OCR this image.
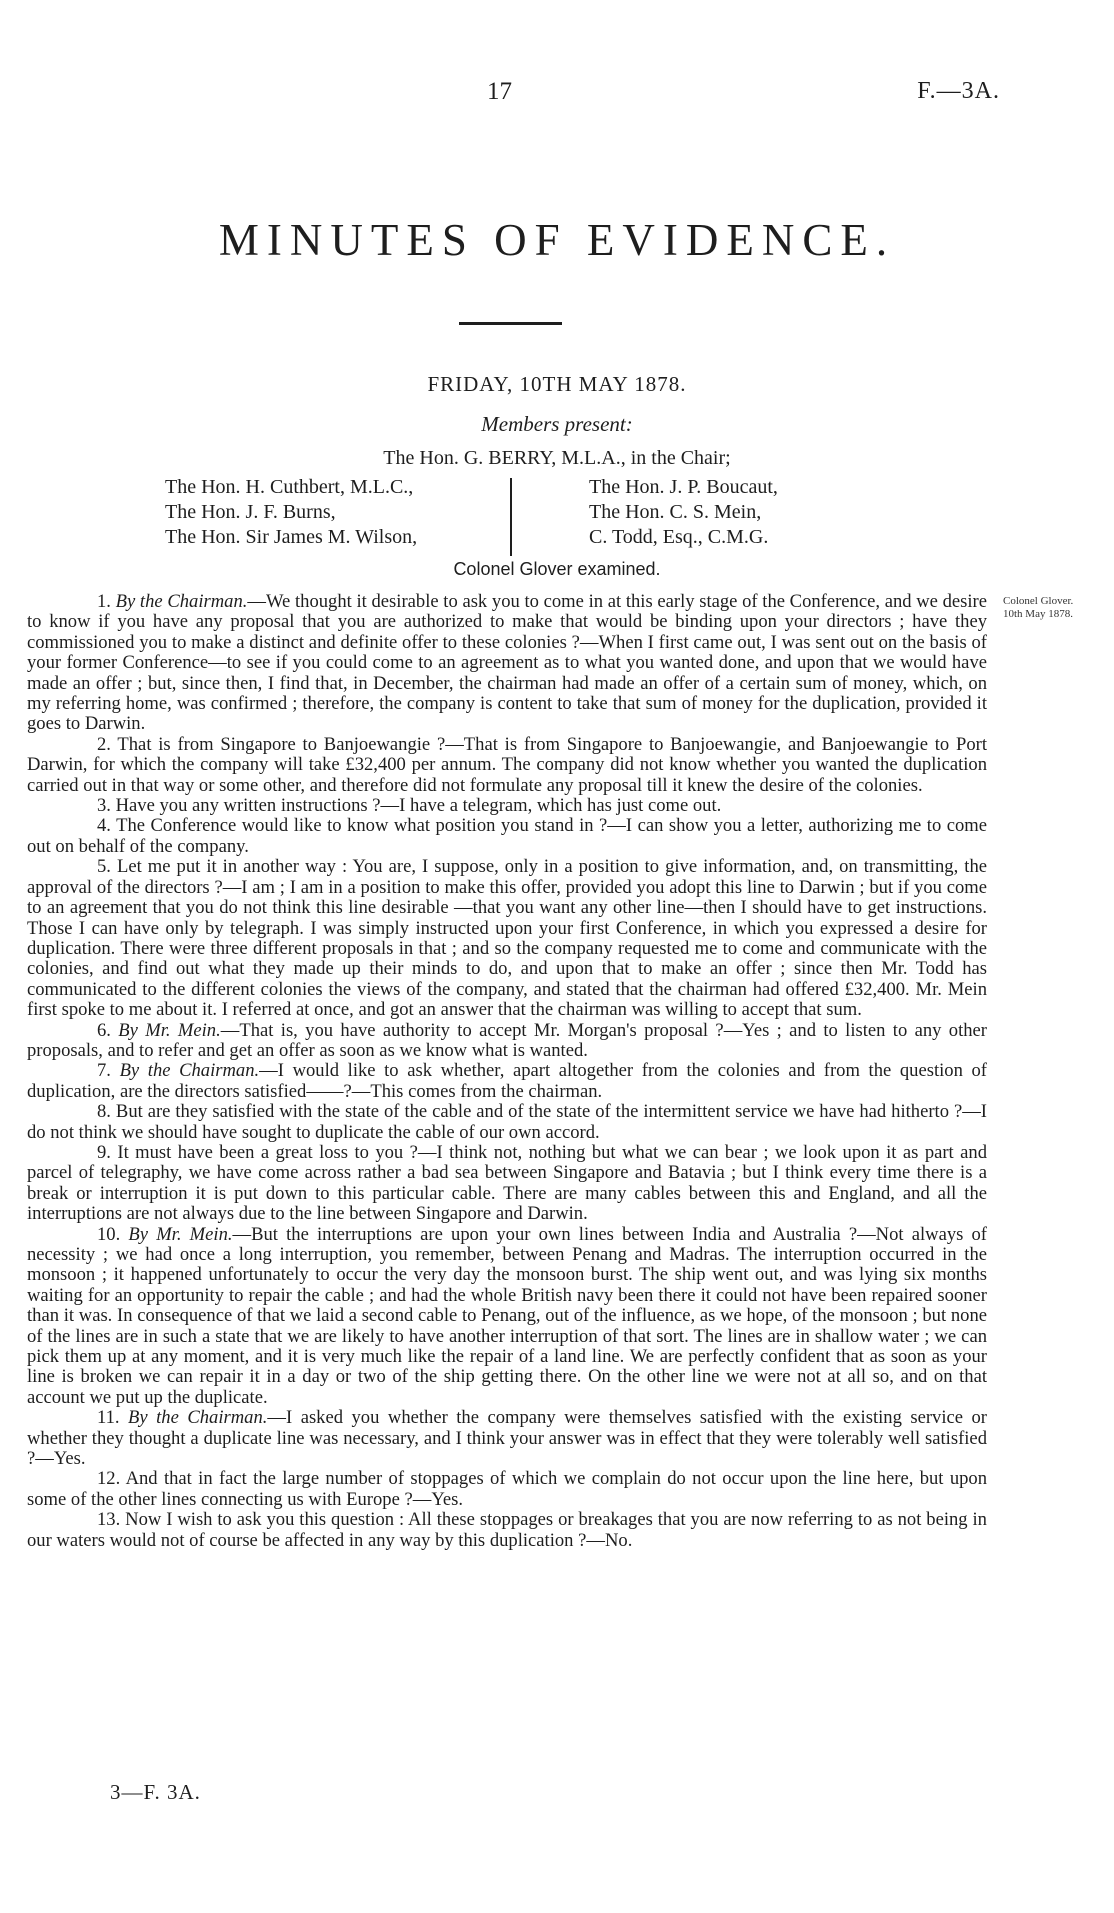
17	F.—3A.
MINUTES OF EVIDENCE.
FRIDAY, 10TH MAY 1878.
Members present:
The Hon. G. BERRY, M.L.A., in the Chair;
The Hon. H. Cuthbert, M.L.C.,
The Hon. J. F. Burns,
The Hon. Sir James M. Wilson,
The Hon. J. P. Boucaut,
The Hon. C. S. Mein,
C. Todd, Esq., C.M.G.
Colonel Glover examined.
Colonel Glover.
10th May 1878.

1. By the Chairman.—We thought it desirable to ask you to come in at this early stage of the Conference, and we desire to know if you have any proposal that you are authorized to make that would be binding upon your directors ; have they commissioned you to make a distinct and definite offer to these colonies ?—When I first came out, I was sent out on the basis of your former Conference—to see if you could come to an agreement as to what you wanted done, and upon that we would have made an offer ; but, since then, I find that, in December, the chairman had made an offer of a certain sum of money, which, on my referring home, was confirmed ; therefore, the company is content to take that sum of money for the duplication, provided it goes to Darwin.

2. That is from Singapore to Banjoewangie ?—That is from Singapore to Banjoewangie, and Banjoewangie to Port Darwin, for which the company will take £32,400 per annum. The company did not know whether you wanted the duplication carried out in that way or some other, and therefore did not formulate any proposal till it knew the desire of the colonies.

3. Have you any written instructions ?—I have a telegram, which has just come out.

4. The Conference would like to know what position you stand in ?—I can show you a letter, authorizing me to come out on behalf of the company.

5. Let me put it in another way : You are, I suppose, only in a position to give information, and, on transmitting, the approval of the directors ?—I am ; I am in a position to make this offer, provided you adopt this line to Darwin ; but if you come to an agreement that you do not think this line desirable —that you want any other line—then I should have to get instructions. Those I can have only by telegraph. I was simply instructed upon your first Conference, in which you expressed a desire for duplication. There were three different proposals in that ; and so the company requested me to come and communicate with the colonies, and find out what they made up their minds to do, and upon that to make an offer ; since then Mr. Todd has communicated to the different colonies the views of the company, and stated that the chairman had offered £32,400. Mr. Mein first spoke to me about it. I referred at once, and got an answer that the chairman was willing to accept that sum.

6. By Mr. Mein.—That is, you have authority to accept Mr. Morgan's proposal ?—Yes ; and to listen to any other proposals, and to refer and get an offer as soon as we know what is wanted.

7. By the Chairman.—I would like to ask whether, apart altogether from the colonies and from the question of duplication, are the directors satisfied——?—This comes from the chairman.

8. But are they satisfied with the state of the cable and of the state of the intermittent service we have had hitherto ?—I do not think we should have sought to duplicate the cable of our own accord.

9. It must have been a great loss to you ?—I think not, nothing but what we can bear ; we look upon it as part and parcel of telegraphy, we have come across rather a bad sea between Singapore and Batavia ; but I think every time there is a break or interruption it is put down to this particular cable. There are many cables between this and England, and all the interruptions are not always due to the line between Singapore and Darwin.

10. By Mr. Mein.—But the interruptions are upon your own lines between India and Australia ?—Not always of necessity ; we had once a long interruption, you remember, between Penang and Madras. The interruption occurred in the monsoon ; it happened unfortunately to occur the very day the monsoon burst. The ship went out, and was lying six months waiting for an opportunity to repair the cable ; and had the whole British navy been there it could not have been repaired sooner than it was. In consequence of that we laid a second cable to Penang, out of the influence, as we hope, of the monsoon ; but none of the lines are in such a state that we are likely to have another interruption of that sort. The lines are in shallow water ; we can pick them up at any moment, and it is very much like the repair of a land line. We are perfectly confident that as soon as your line is broken we can repair it in a day or two of the ship getting there. On the other line we were not at all so, and on that account we put up the duplicate.

11. By the Chairman.—I asked you whether the company were themselves satisfied with the existing service or whether they thought a duplicate line was necessary, and I think your answer was in effect that they were tolerably well satisfied ?—Yes.

12. And that in fact the large number of stoppages of which we complain do not occur upon the line here, but upon some of the other lines connecting us with Europe ?—Yes.

13. Now I wish to ask you this question : All these stoppages or breakages that you are now referring to as not being in our waters would not of course be affected in any way by this duplication ?—No.

3—F. 3A.
